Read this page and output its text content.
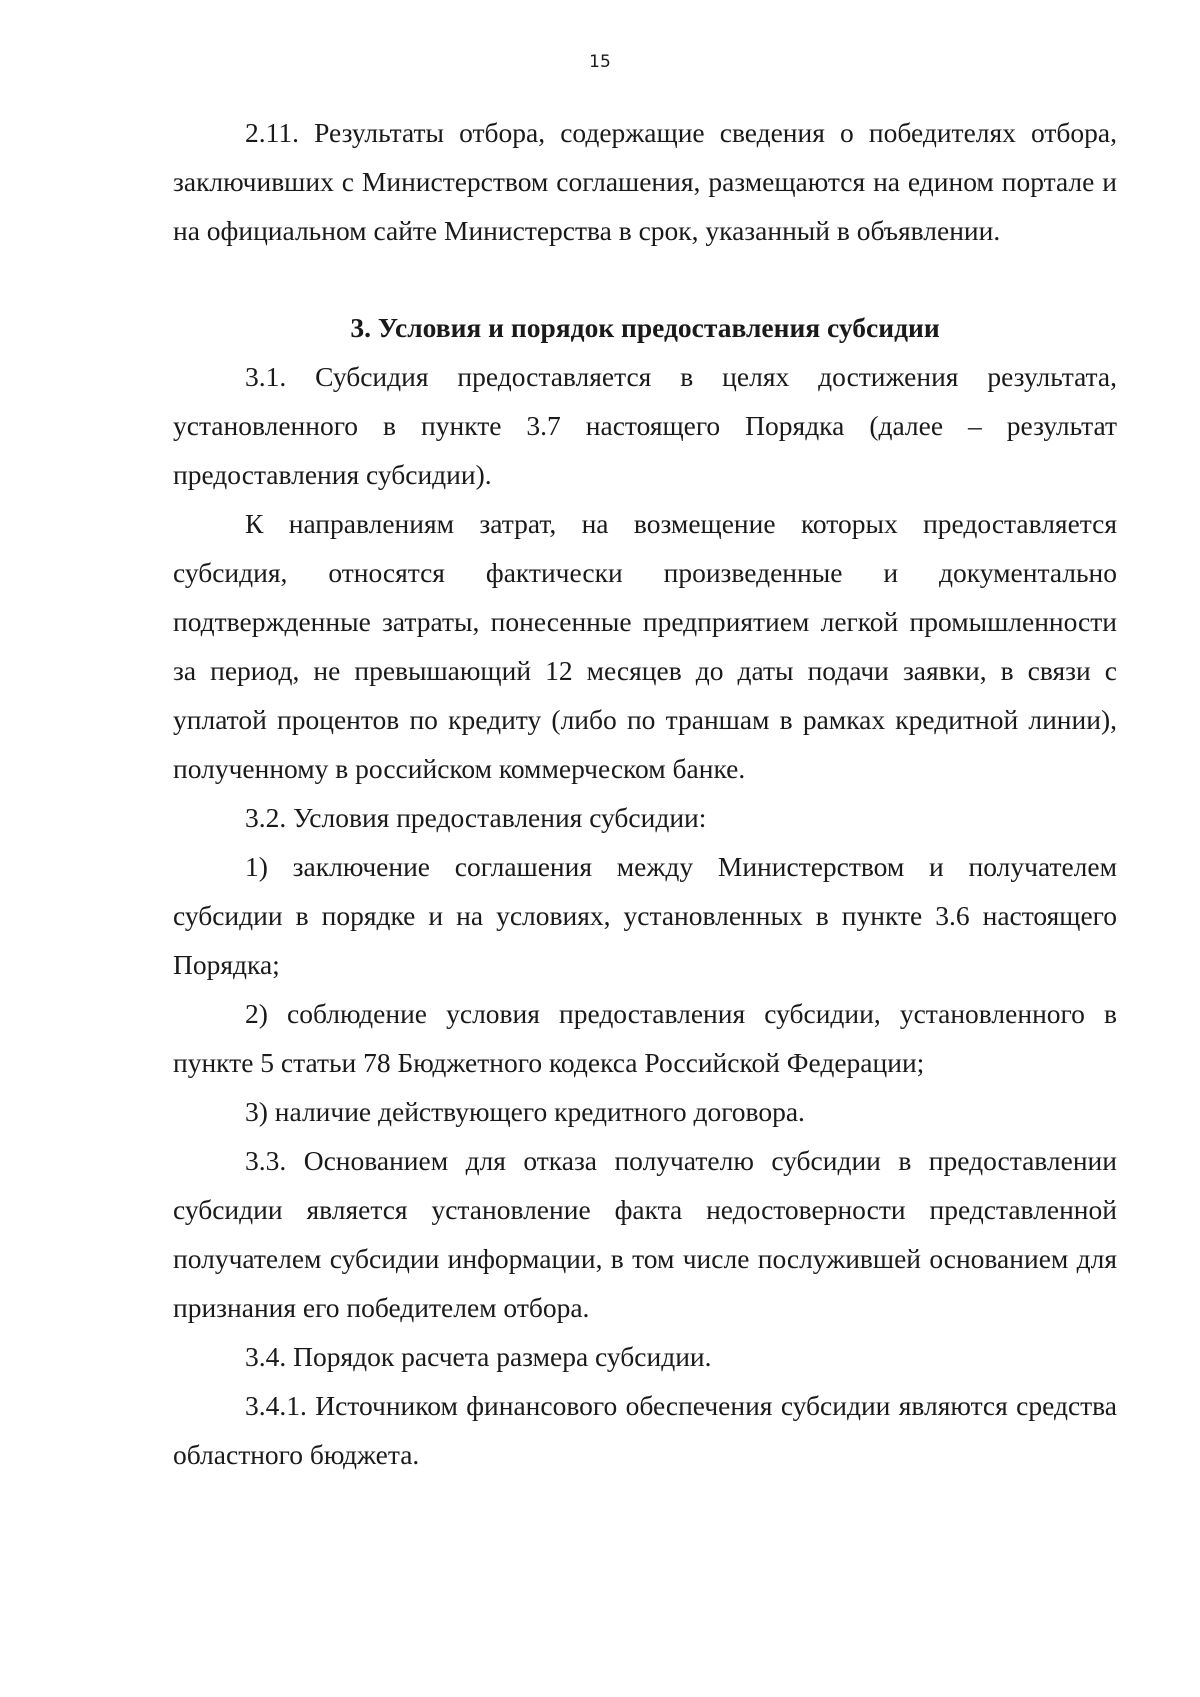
15

2.11. Результаты отбора, содержащие сведения о победителях отбора, заключивших с Министерством соглашения, размещаются на едином портале и на официальном сайте Министерства в срок, указанный в объявлении.

3. Условия и порядок предоставления субсидии

3.1. Субсидия предоставляется в целях достижения результата, установленного в пункте 3.7 настоящего Порядка (далее – результат предоставления субсидии).

К направлениям затрат, на возмещение которых предоставляется субсидия, относятся фактически произведенные и документально подтвержденные затраты, понесенные предприятием легкой промышленности за период, не превышающий 12 месяцев до даты подачи заявки, в связи с уплатой процентов по кредиту (либо по траншам в рамках кредитной линии), полученному в российском коммерческом банке.

3.2. Условия предоставления субсидии:

1) заключение соглашения между Министерством и получателем субсидии в порядке и на условиях, установленных в пункте 3.6 настоящего Порядка;

2) соблюдение условия предоставления субсидии, установленного в пункте 5 статьи 78 Бюджетного кодекса Российской Федерации;

3) наличие действующего кредитного договора.

3.3. Основанием для отказа получателю субсидии в предоставлении субсидии является установление факта недостоверности представленной получателем субсидии информации, в том числе послужившей основанием для признания его победителем отбора.

3.4. Порядок расчета размера субсидии.

3.4.1. Источником финансового обеспечения субсидии являются средства областного бюджета.
